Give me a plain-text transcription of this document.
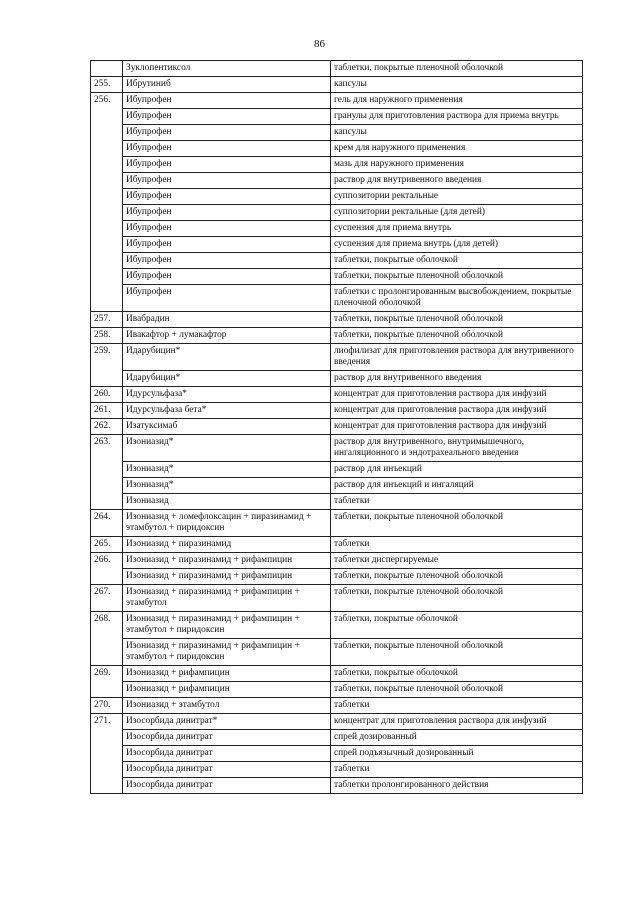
86
	Зуклопентиксол	таблетки, покрытые пленочной оболочкой
255.	Ибрутиниб	капсулы
256.	Ибупрофен	гель для наружного применения
	Ибупрофен	гранулы для приготовления раствора для приема внутрь
	Ибупрофен	капсулы
	Ибупрофен	крем для наружного применения
	Ибупрофен	мазь для наружного применения
	Ибупрофен	раствор для внутривенного введения
	Ибупрофен	суппозитории ректальные
	Ибупрофен	суппозитории ректальные (для детей)
	Ибупрофен	суспензия для приема внутрь
	Ибупрофен	суспензия для приема внутрь (для детей)
	Ибупрофен	таблетки, покрытые оболочкой
	Ибупрофен	таблетки, покрытые пленочной оболочкой
	Ибупрофен	таблетки с пролонгированным высвобождением, покрытые пленочной оболочкой
257.	Ивабрадин	таблетки, покрытые пленочной оболочкой
258.	Ивакафтор + лумакафтор	таблетки, покрытые пленочной оболочкой
259.	Идарубицин*	лиофилизат для приготовления раствора для внутривенного введения
	Идарубицин*	раствор для внутривенного введения
260.	Идурсульфаза*	концентрат для приготовления раствора для инфузий
261.	Идурсульфаза бета*	концентрат для приготовления раствора для инфузий
262.	Изатуксимаб	концентрат для приготовления раствора для инфузий
263.	Изониазид*	раствор для внутривенного, внутримышечного, ингаляционного и эндотрахеального введения
	Изониазид*	раствор для инъекций
	Изониазид*	раствор для инъекций и ингаляций
	Изониазид	таблетки
264.	Изониазид + ломефлоксацин + пиразинамид + этамбутол + пиридоксин	таблетки, покрытые пленочной оболочкой
265.	Изониазид + пиразинамид	таблетки
266.	Изониазид + пиразинамид + рифампицин	таблетки диспергируемые
	Изониазид + пиразинамид + рифампицин	таблетки, покрытые пленочной оболочкой
267.	Изониазид + пиразинамид + рифампицин + этамбутол	таблетки, покрытые пленочной оболочкой
268.	Изониазид + пиразинамид + рифампицин + этамбутол + пиридоксин	таблетки, покрытые оболочкой
	Изониазид + пиразинамид + рифампицин + этамбутол + пиридоксин	таблетки, покрытые пленочной оболочкой
269.	Изониазид + рифампицин	таблетки, покрытые оболочкой
	Изониазид + рифампицин	таблетки, покрытые пленочной оболочкой
270.	Изониазид + этамбутол	таблетки
271.	Изосорбида динитрат*	концентрат для приготовления раствора для инфузий
	Изосорбида динитрат	спрей дозированный
	Изосорбида динитрат	спрей подъязычный дозированный
	Изосорбида динитрат	таблетки
	Изосорбида динитрат	таблетки пролонгированного действия
